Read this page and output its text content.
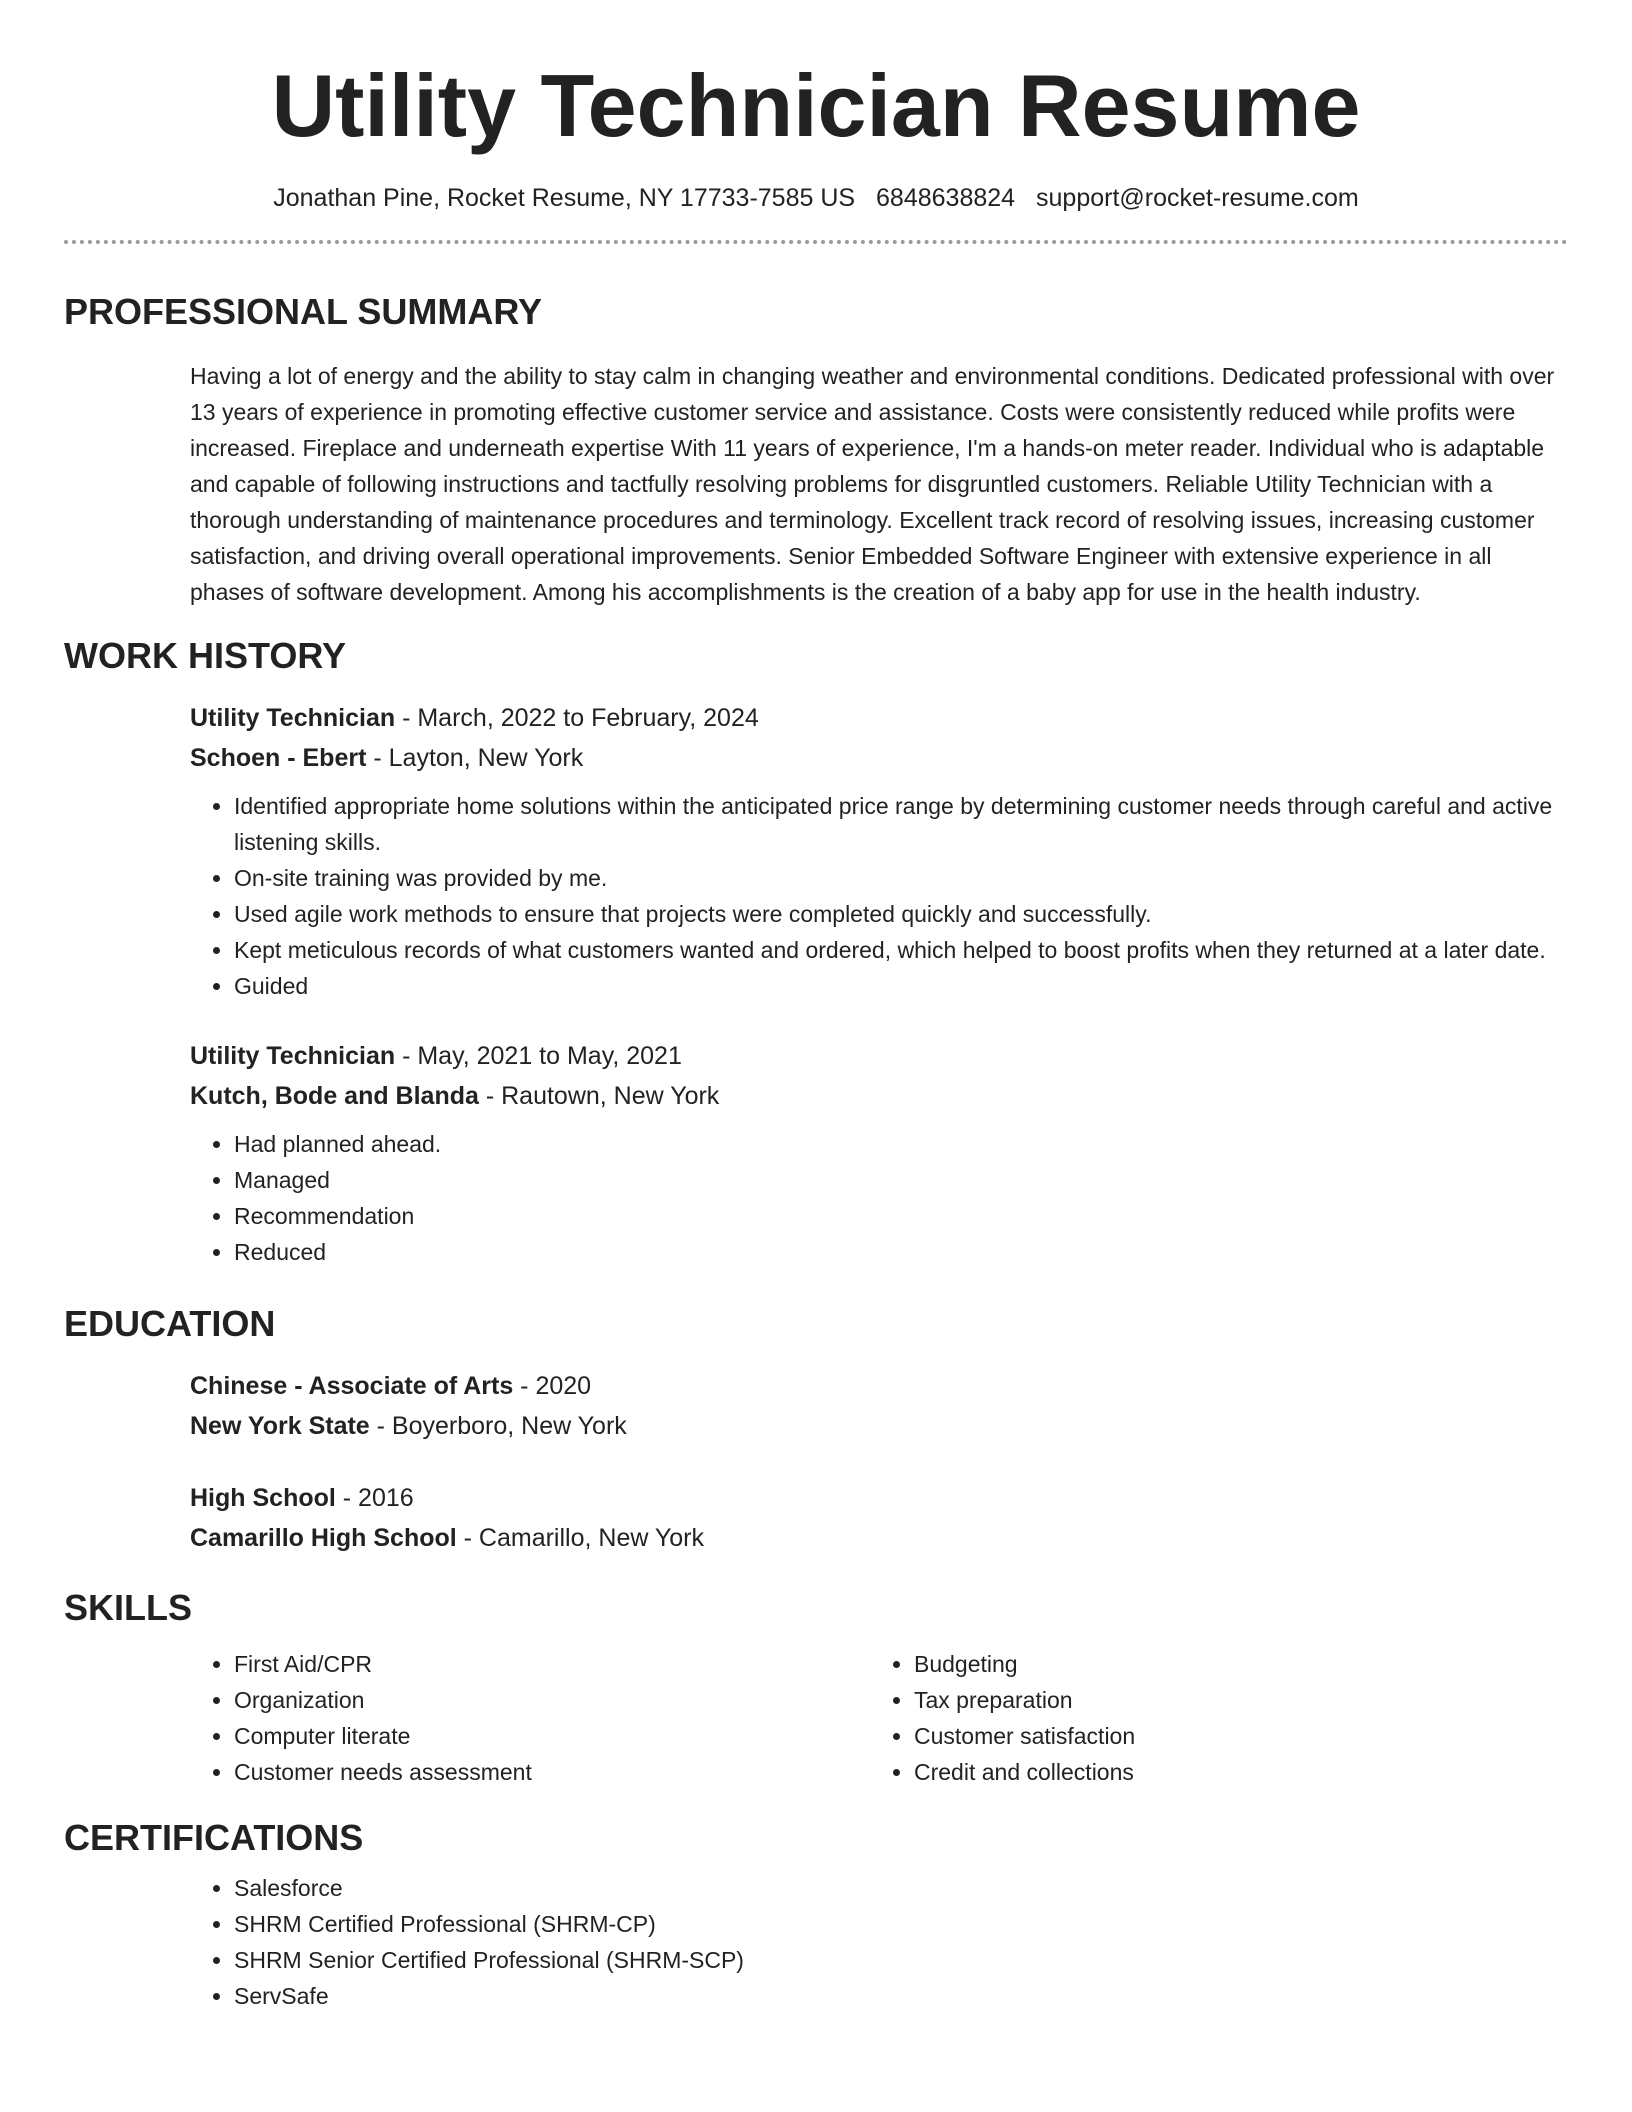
Utility Technician Resume
Jonathan Pine, Rocket Resume, NY 17733-7585 US 6848638824 support@rocket-resume.com
PROFESSIONAL SUMMARY
Having a lot of energy and the ability to stay calm in changing weather and environmental conditions. Dedicated professional with over 13 years of experience in promoting effective customer service and assistance. Costs were consistently reduced while profits were increased. Fireplace and underneath expertise With 11 years of experience, I'm a hands-on meter reader. Individual who is adaptable and capable of following instructions and tactfully resolving problems for disgruntled customers. Reliable Utility Technician with a thorough understanding of maintenance procedures and terminology. Excellent track record of resolving issues, increasing customer satisfaction, and driving overall operational improvements. Senior Embedded Software Engineer with extensive experience in all phases of software development. Among his accomplishments is the creation of a baby app for use in the health industry.
WORK HISTORY
Utility Technician - March, 2022 to February, 2024
Schoen - Ebert - Layton, New York
• Identified appropriate home solutions within the anticipated price range by determining customer needs through careful and active listening skills.
• On-site training was provided by me.
• Used agile work methods to ensure that projects were completed quickly and successfully.
• Kept meticulous records of what customers wanted and ordered, which helped to boost profits when they returned at a later date.
• Guided
Utility Technician - May, 2021 to May, 2021
Kutch, Bode and Blanda - Rautown, New York
• Had planned ahead.
• Managed
• Recommendation
• Reduced
EDUCATION
Chinese - Associate of Arts - 2020
New York State - Boyerboro, New York
High School - 2016
Camarillo High School - Camarillo, New York
SKILLS
• First Aid/CPR
• Organization
• Computer literate
• Customer needs assessment
• Budgeting
• Tax preparation
• Customer satisfaction
• Credit and collections
CERTIFICATIONS
• Salesforce
• SHRM Certified Professional (SHRM-CP)
• SHRM Senior Certified Professional (SHRM-SCP)
• ServSafe
